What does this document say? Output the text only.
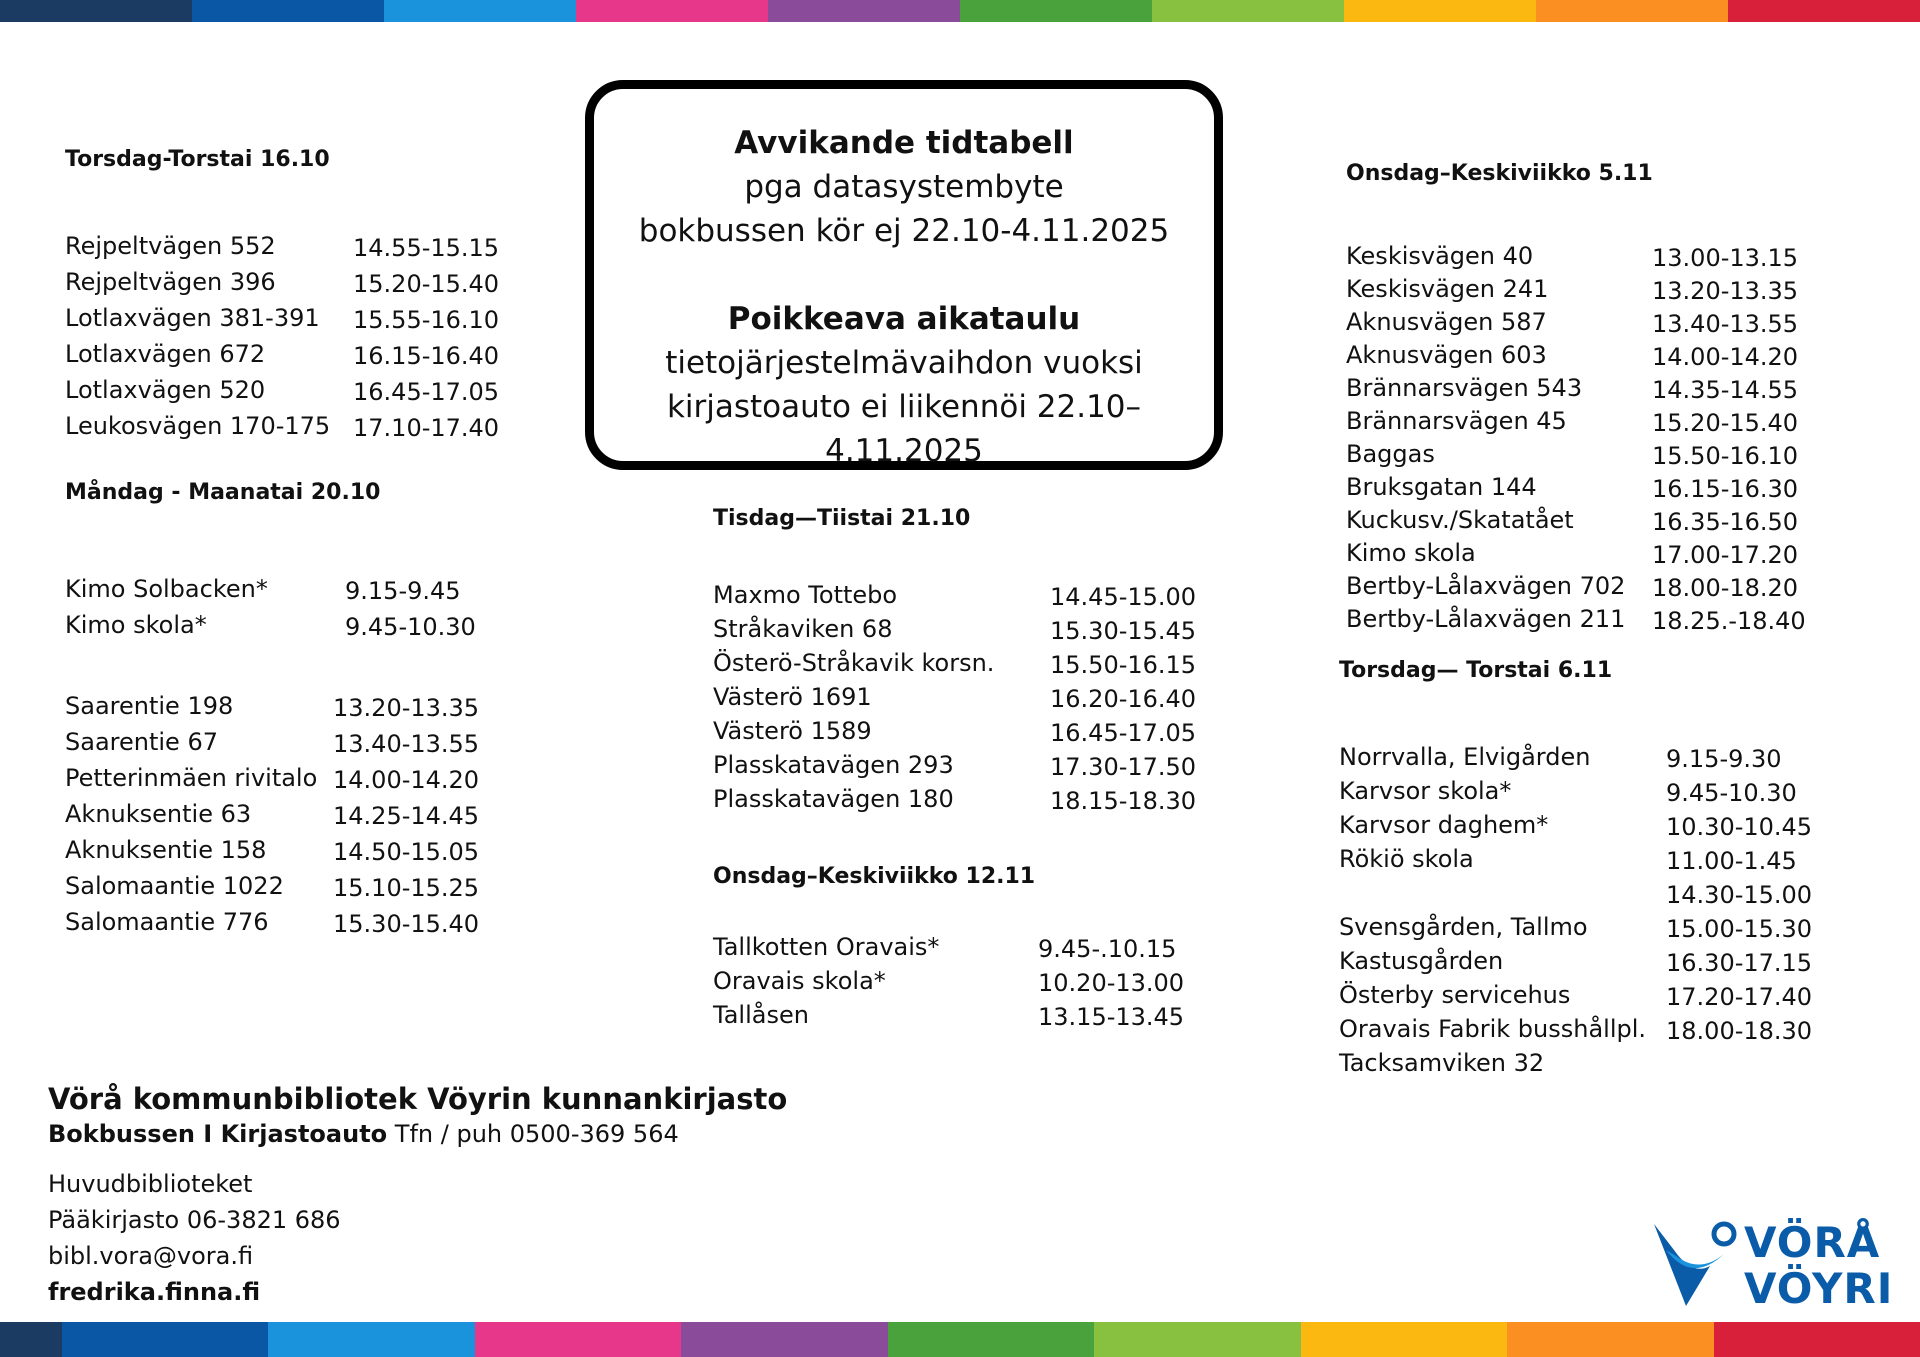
Avvikande tidtabell
pga datasystembyte
bokbussen kör ej 22.10-4.11.2025
Poikkeava aikataulu
tietojärjestelmävaihdon vuoksi
kirjastoauto ei liikennöi 22.10–4.11.2025
Torsdag-Torstai 16.10
Rejpeltvägen 552	14.55-15.15
Rejpeltvägen 396	15.20-15.40
Lotlaxvägen 381-391 15.55-16.10
Lotlaxvägen 672	16.15-16.40
Lotlaxvägen 520	16.45-17.05
Leukosvägen 170-175 17.10-17.40
Måndag - Maanatai 20.10
Kimo Solbacken*	9.15-9.45
Kimo skola*	9.45-10.30
Saarentie 198	13.20-13.35
Saarentie 67	13.40-13.55
Petterinmäen rivitalo 14.00-14.20
Aknuksentie 63	14.25-14.45
Aknuksentie 158	14.50-15.05
Salomaantie 1022 15.10-15.25
Salomaantie 776	15.30-15.40
Tisdag—Tiistai 21.10
Maxmo Tottebo	14.45-15.00
Stråkaviken 68	15.30-15.45
Österö-Stråkavik korsn. 15.50-16.15
Västerö 1691	16.20-16.40
Västerö 1589	16.45-17.05
Plasskatavägen 293	17.30-17.50
Plasskatavägen 180	18.15-18.30
Onsdag–Keskiviikko 12.11
Tallkotten Oravais*	9.45-.10.15
Oravais skola*	10.20-13.00
Tallåsen	13.15-13.45
Onsdag–Keskiviikko 5.11
Keskisvägen 40	13.00-13.15
Keskisvägen 241	13.20-13.35
Aknusvägen 587	13.40-13.55
Aknusvägen 603	14.00-14.20
Brännarsvägen 543	14.35-14.55
Brännarsvägen 45	15.20-15.40
Baggas	15.50-16.10
Bruksgatan 144	16.15-16.30
Kuckusv./Skatatået	16.35-16.50
Kimo skola	17.00-17.20
Bertby-Lålaxvägen 702 18.00-18.20
Bertby-Lålaxvägen 211 18.25.-18.40
Torsdag— Torstai 6.11
Norrvalla, Elvigården	9.15-9.30
Karvsor skola*	9.45-10.30
Karvsor daghem*	10.30-10.45
Rökiö skola	11.00-1.45
14.30-15.00
Svensgården, Tallmo	15.00-15.30
Kastusgården	16.30-17.15
Österby servicehus	17.20-17.40
Oravais Fabrik busshållpl. 18.00-18.30
Tacksamviken 32
Vörå kommunbibliotek Vöyrin kunnankirjasto
Bokbussen I Kirjastoauto Tfn / puh 0500-369 564
Huvudbiblioteket
Pääkirjasto 06-3821 686
bibl.vora@vora.fi
fredrika.finna.fi
VÖRÅ
VÖYRI
